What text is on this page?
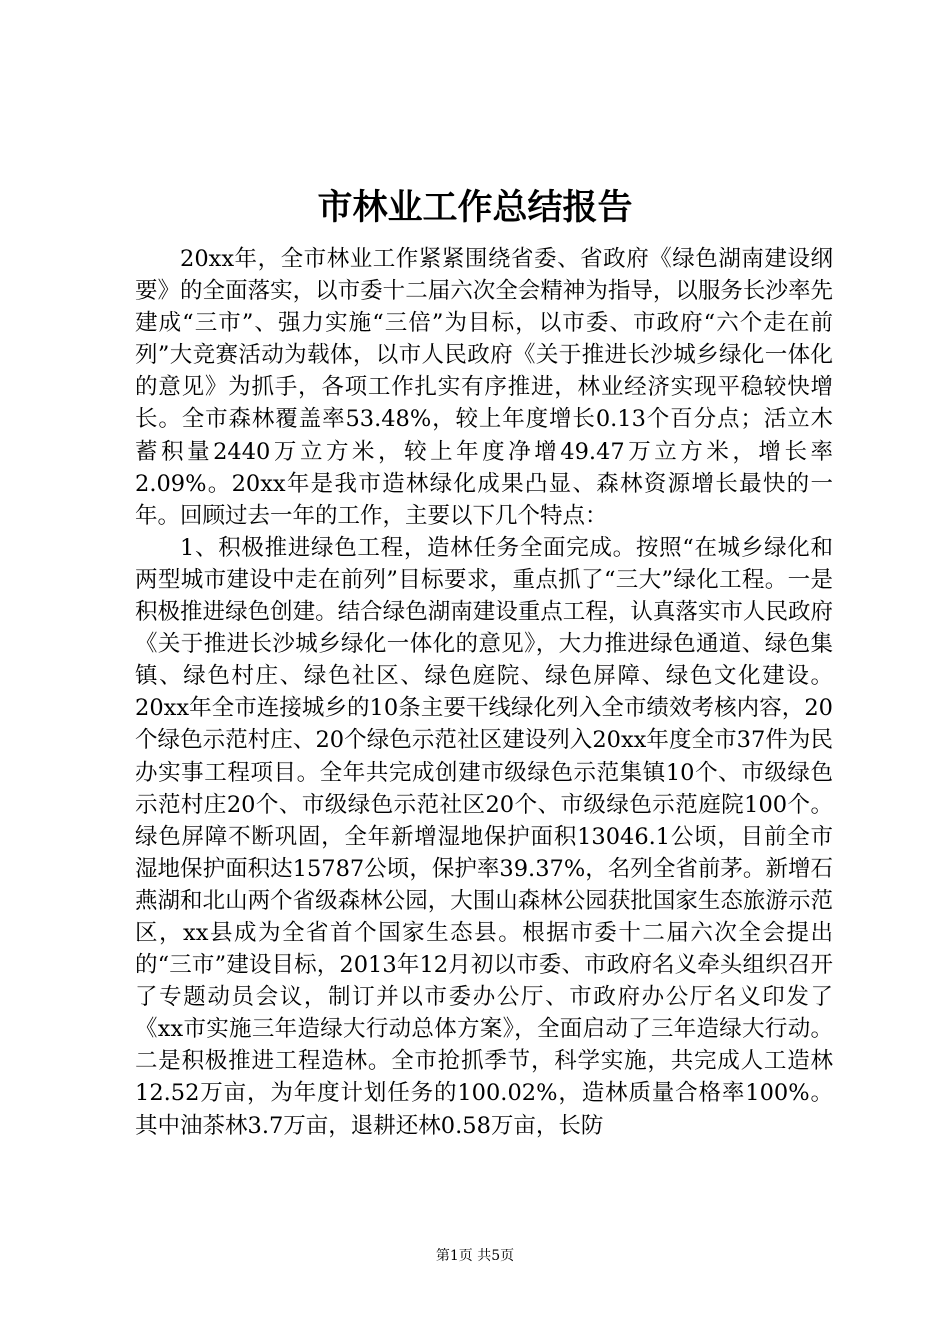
市林业工作总结报告

20xx年，全市林业工作紧紧围绕省委、省政府《绿色湖南建设纲要》的全面落实，以市委十二届六次全会精神为指导，以服务长沙率先建成“三市”、强力实施“三倍”为目标，以市委、市政府“六个走在前列”大竞赛活动为载体，以市人民政府《关于推进长沙城乡绿化一体化的意见》为抓手，各项工作扎实有序推进，林业经济实现平稳较快增长。全市森林覆盖率53.48%，较上年度增长0.13个百分点；活立木蓄积量2440万立方米，较上年度净增49.47万立方米，增长率2.09%。20xx年是我市造林绿化成果凸显、森林资源增长最快的一年。回顾过去一年的工作，主要以下几个特点：

1、积极推进绿色工程，造林任务全面完成。按照“在城乡绿化和两型城市建设中走在前列”目标要求，重点抓了“三大”绿化工程。一是积极推进绿色创建。结合绿色湖南建设重点工程，认真落实市人民政府《关于推进长沙城乡绿化一体化的意见》，大力推进绿色通道、绿色集镇、绿色村庄、绿色社区、绿色庭院、绿色屏障、绿色文化建设。20xx年全市连接城乡的10条主要干线绿化列入全市绩效考核内容，20个绿色示范村庄、20个绿色示范社区建设列入20xx年度全市37件为民办实事工程项目。全年共完成创建市级绿色示范集镇10个、市级绿色示范村庄20个、市级绿色示范社区20个、市级绿色示范庭院100个。绿色屏障不断巩固，全年新增湿地保护面积13046.1公顷，目前全市湿地保护面积达15787公顷，保护率39.37%，名列全省前茅。新增石燕湖和北山两个省级森林公园，大围山森林公园获批国家生态旅游示范区，xx县成为全省首个国家生态县。根据市委十二届六次全会提出的“三市”建设目标，2013年12月初以市委、市政府名义牵头组织召开了专题动员会议，制订并以市委办公厅、市政府办公厅名义印发了《xx市实施三年造绿大行动总体方案》，全面启动了三年造绿大行动。二是积极推进工程造林。全市抢抓季节，科学实施，共完成人工造林12.52万亩，为年度计划任务的100.02%，造林质量合格率100%。其中油茶林3.7万亩，退耕还林0.58万亩，长防

第1页 共5页
